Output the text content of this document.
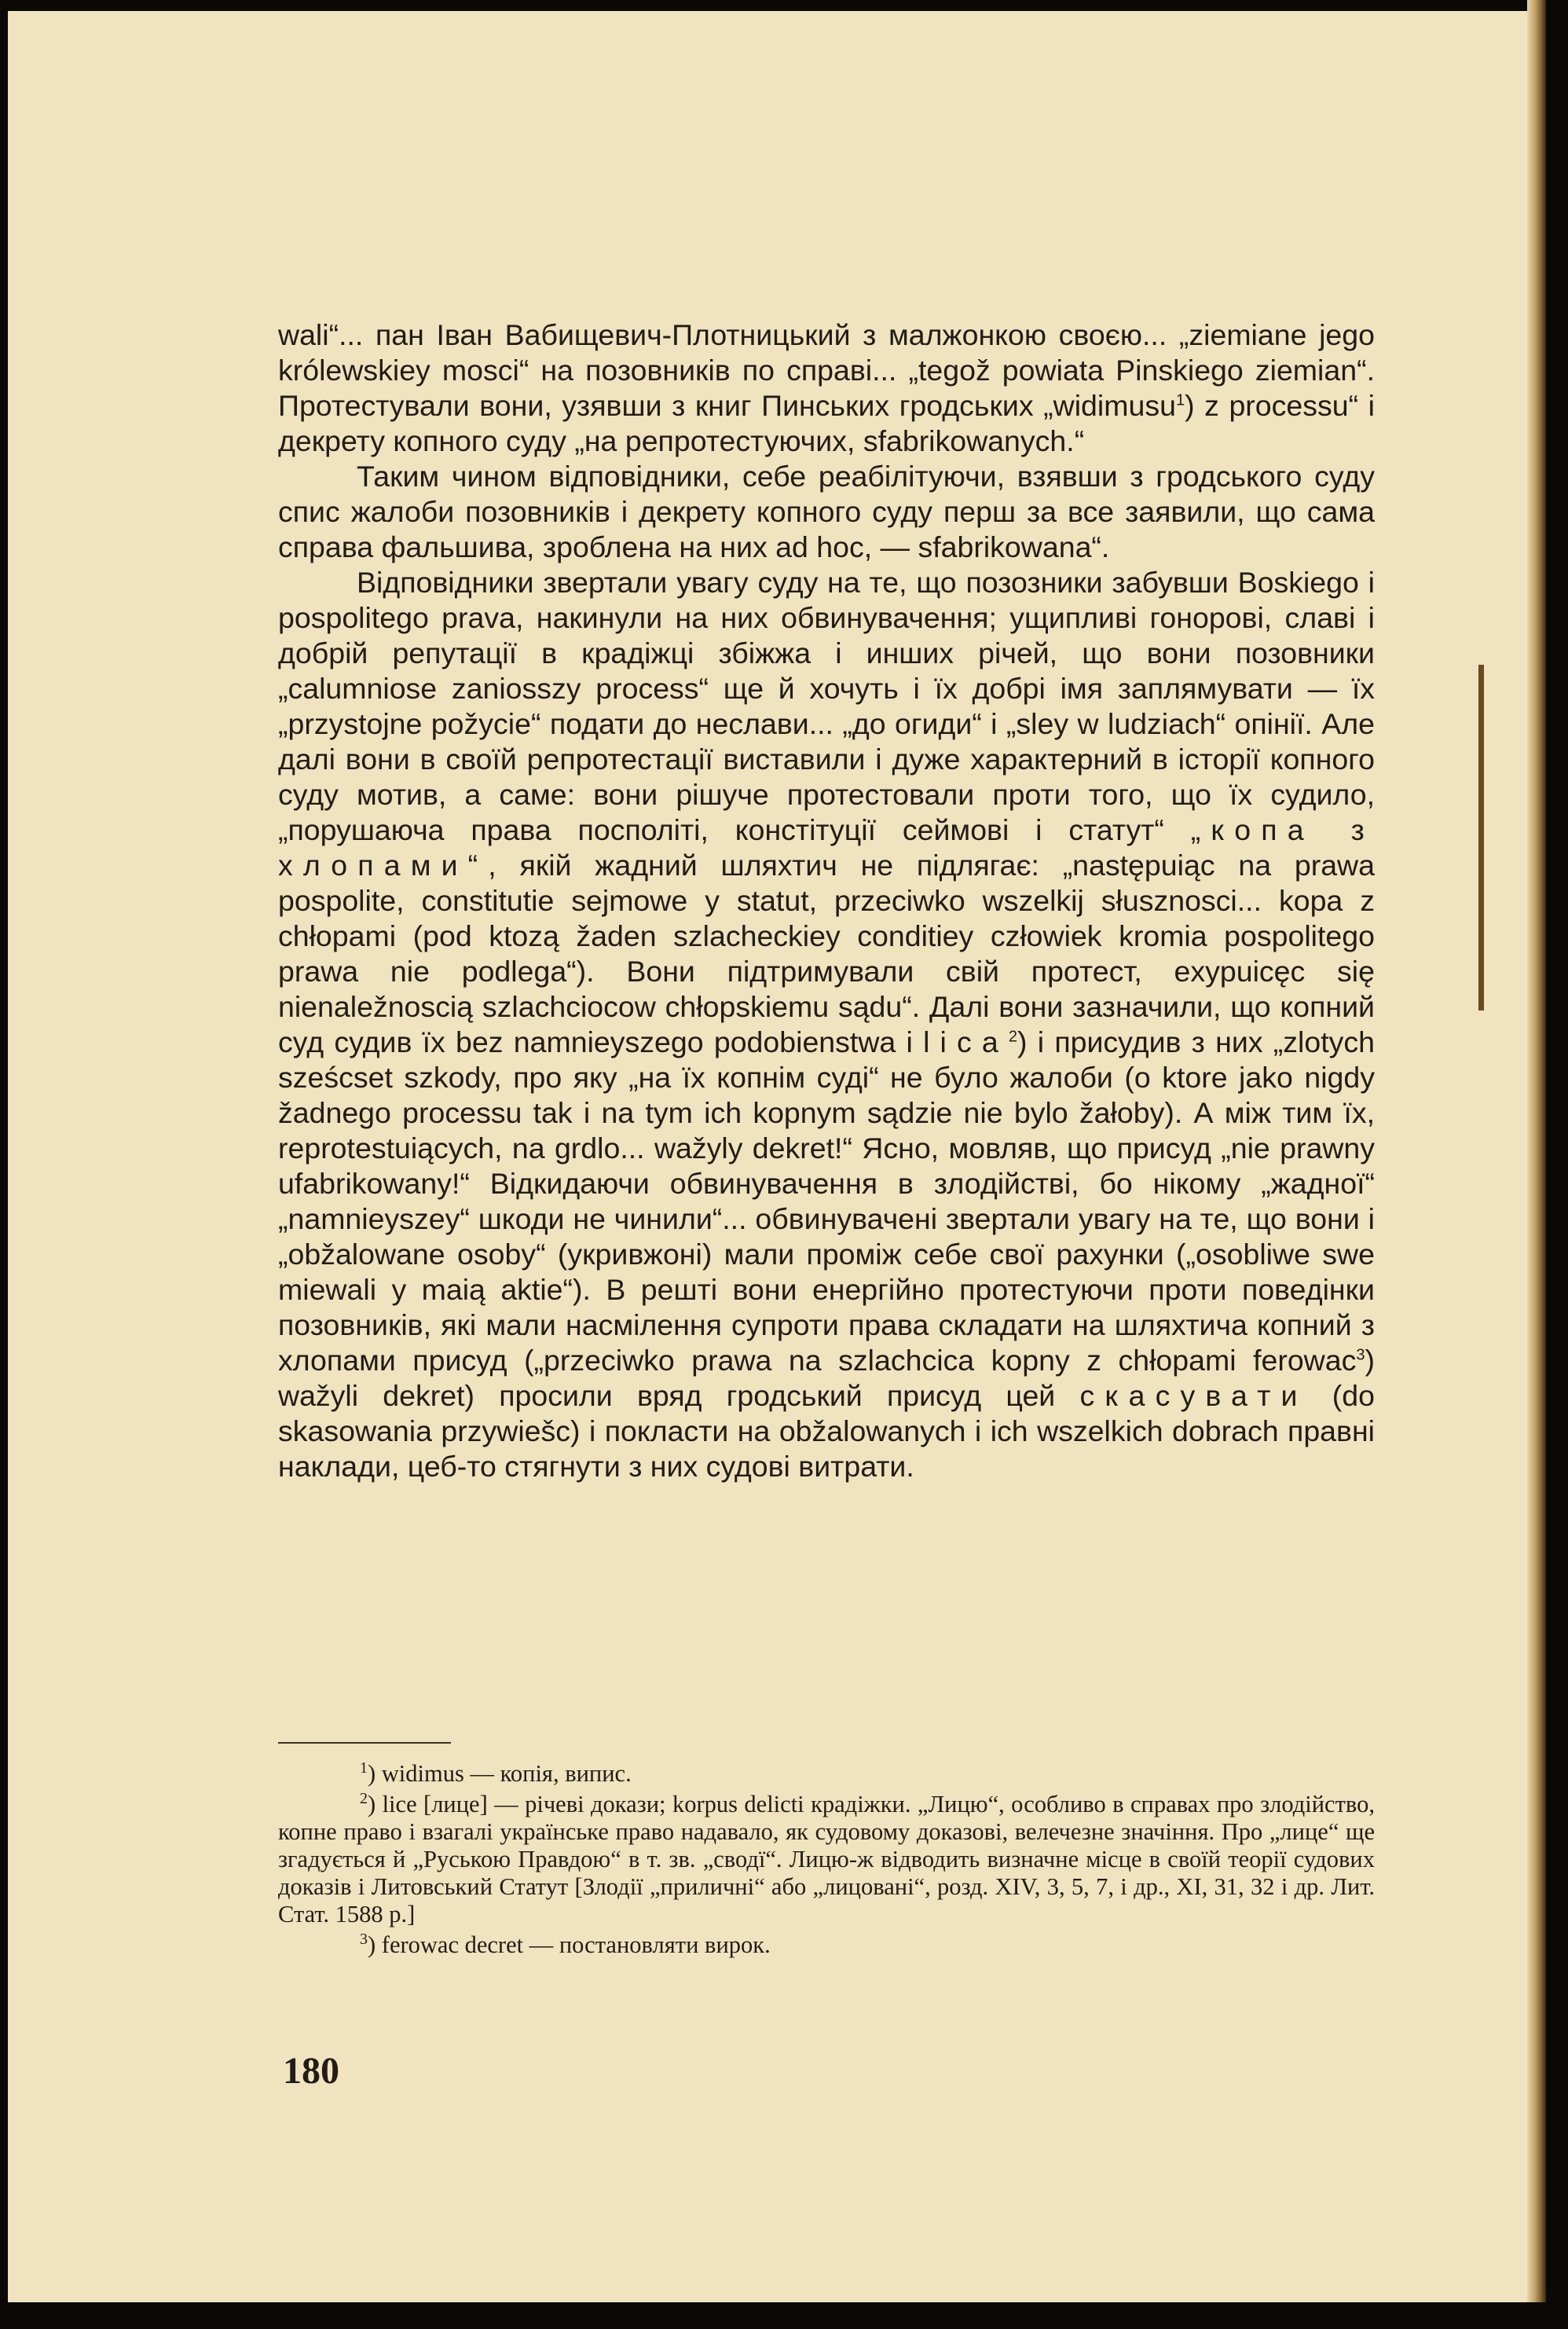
wali“... пан Іван Вабищевич-Плотницький з малжонкою своєю... „ziemiane jego królewskiey mosci“ на позовників по справі... „tegož powiata Pinskiego ziemian“. Протестували вони, узявши з книг Пинських гродських „widimusu$^1$) z processu“ і декрету копного суду „на репротестуючих, sfabrikowanych.“

Таким чином відповідники, себе реабілітуючи, взявши з гродського суду спис жалоби позовників і декрету копного суду перш за все заявили, що сама справа фальшива, зроблена на них ad hoc, — sfabrikowana“.

Відповідники звертали увагу суду на те, що позозники забувши Boskiego i pospolitego prava, накинули на них обвинувачення; ущипливі гонорові, славі і добрій репутації в крадіжці збіжжа і инших річей, що вони позовники „calumniose zaniosszy process“ ще й хочуть і їх добрі імя заплямувати — їх „przystojne požycie“ подати до неслави... „до огиди“ і „sley w ludziach“ опінії. Але далі вони в своїй репротестації виставили і дуже характерний в історії копного суду мотив, а саме: вони рішуче протестовали проти того, що їх судило, „порушаюча права посполіті, констітуції сеймові і статут“ „копа з хлопами“, якій жадний шляхтич не підлягає: „następuiąc na prawa pospolite, constitutie sejmowe y statut, przeciwko wszelkij słusznosci... kopa z chłopami (pod ktozą žaden szlacheckiey conditiey człowiek kromia pospolitego prawa nie podlega“). Вони підтримували свій протест, exypuicęc się nienaležnoscią szlachciocow chłopskiemu sądu“. Далі вони зазначили, що копний суд судив їх bez namnieyszego podobienstwa i lica$^2$) і присудив з них „zlotych sześcset szkody, про яку „на їх копнім суді“ не було жалоби (o ktore jako nigdy žadnego processu tak i na tym ich kopnym sądzie nie bylo žałoby). А між тим їх, reprotestuiących, na grdlo... wažyly dekret!“ Ясно, мовляв, що присуд „nie prawny ufabrikowany!“ Відкидаючи обвинувачення в злодійстві, бо нікому „жадної“ „namnieyszey“ шкоди не чинили“... обвинувачені звертали увагу на те, що вони і „obžalowane osoby“ (укривжоні) мали проміж себе свої рахунки („osobliwe swe miewali y maią aktie“). В решті вони енергійно протестуючи проти поведінки позовників, які мали насмілення супроти права складати на шляхтича копний з хлопами присуд („przeciwko prawa na szlachcica kopny z chłopami ferowac$^3$) wažyli dekret) просили вряд гродський присуд цей скасувати (do skasowania przywiešc) і покласти на obžalowanych i ich wszelkich dobrach правні наклади, цеб-то стягнути з них судові витрати.

$^1$) widimus — копія, випис.

$^2$) lice [лице] — річеві докази; korpus delicti крадіжки. „Лицю“, особливо в справах про злодійство, копне право і взагалі українське право надавало, як судовому доказові, велечезне значіння. Про „лице“ ще згадується й „Руською Правдою“ в т. зв. „сводї“. Лицю-ж відводить визначне місце в своїй теорії судових доказів і Литовський Статут [Злодії „приличні“ або „лицовані“, розд. XIV, 3, 5, 7, і др., XI, 31, 32 і др. Лит. Стат. 1588 р.]

$^3$) ferowac decret — постановляти вирок.

180
